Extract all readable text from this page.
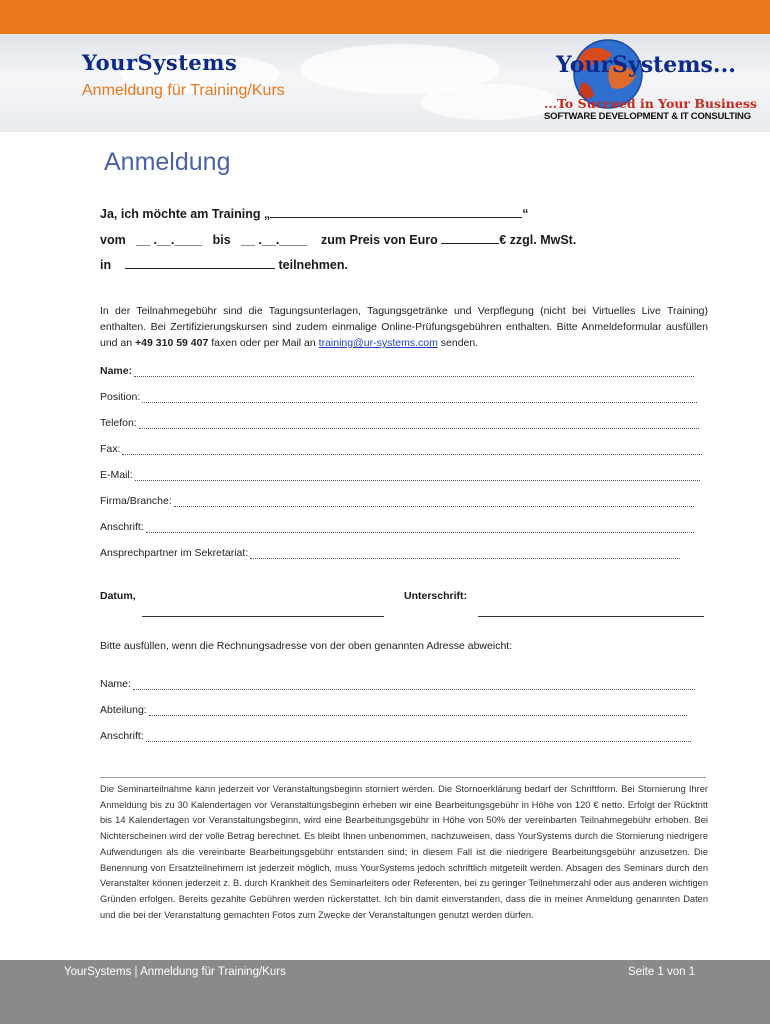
YourSystems
Anmeldung für Training/Kurs
YourSystems...
...To Succeed in Your Business
SOFTWARE DEVELOPMENT & IT CONSULTING
Anmeldung
Ja, ich möchte am Training „	“
vom __ .__.____ bis __ .__.____ zum Preis von Euro	€ zzgl. MwSt.
in	teilnehmen.
In der Teilnahmegebühr sind die Tagungsunterlagen, Tagungsgetränke und Verpflegung (nicht bei Virtuelles Live Training) enthalten. Bei Zertifizierungskursen sind zudem einmalige Online-Prüfungsgebühren enthalten. Bitte Anmeldeformular ausfüllen und an +49 310 59 407 faxen oder per Mail an training@ur-systems.com senden.
Name:
Position:
Telefon:
Fax:
E-Mail:
Firma/Branche:
Anschrift:
Ansprechpartner im Sekretariat:
Datum,	Unterschrift:
Bitte ausfüllen, wenn die Rechnungsadresse von der oben genannten Adresse abweicht:
Name:
Abteilung:
Anschrift:
Die Seminarteilnahme kann jederzeit vor Veranstaltungsbeginn storniert werden. Die Stornoerklärung bedarf der Schriftform. Bei Stornierung Ihrer Anmeldung bis zu 30 Kalendertagen vor Veranstaltungsbeginn erheben wir eine Bearbeitungsgebühr in Höhe von 120 € netto. Erfolgt der Rücktritt bis 14 Kalendertagen vor Veranstaltungsbeginn, wird eine Bearbeitungsgebühr in Höhe von 50% der vereinbarten Teilnahmegebühr erhoben. Bei Nichterscheinen wird der volle Betrag berechnet. Es bleibt Ihnen unbenommen, nachzuweisen, dass YourSystems durch die Stornierung niedrigere Aufwendungen als die vereinbarte Bearbeitungsgebühr entstanden sind; in diesem Fall ist die niedrigere Bearbeitungsgebühr anzusetzen. Die Benennung von Ersatzteilnehmern ist jederzeit möglich, muss YourSystems jedoch schriftlich mitgeteilt werden. Absagen des Seminars durch den Veranstalter können jederzeit z. B. durch Krankheit des Seminarleiters oder Referenten, bei zu geringer Teilnehmerzahl oder aus anderen wichtigen Gründen erfolgen. Bereits gezahlte Gebühren werden rückerstattet. Ich bin damit einverstanden, dass die in meiner Anmeldung genannten Daten und die bei der Veranstaltung gemachten Fotos zum Zwecke der Veranstaltungen genutzt werden dürfen.
YourSystems | Anmeldung für Training/Kurs	Seite 1 von 1
